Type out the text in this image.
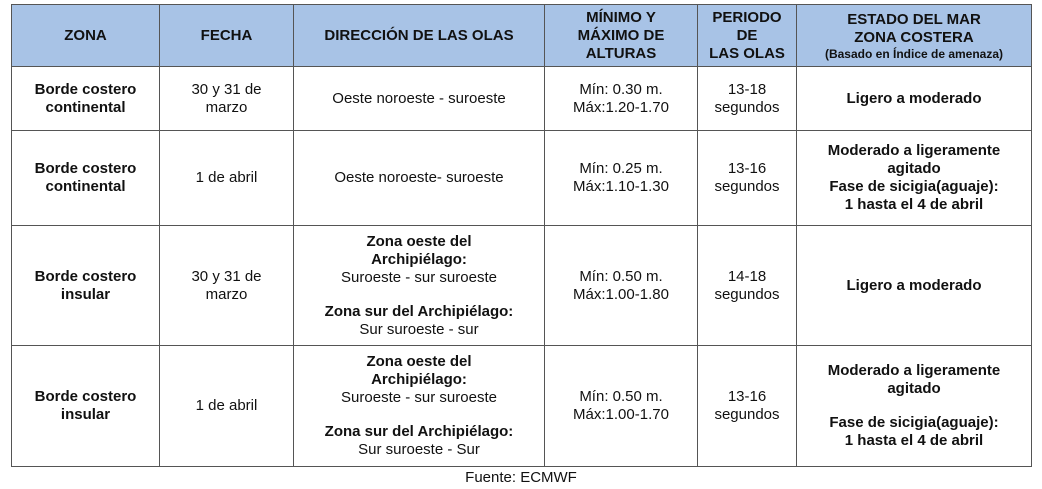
ZONA	FECHA	DIRECCIÓN DE LAS OLAS	MÍNIMO Y
MÁXIMO DE
ALTURAS	PERIODO DE
LAS OLAS	ESTADO DEL MAR
ZONA COSTERA
(Basado en Índice de amenaza)

Borde costero
continental	30 y 31 de
marzo	Oeste noroeste - suroeste	Mín: 0.30 m.
Máx:1.20-1.70	13-18
segundos	Ligero a moderado

Borde costero
continental	1 de abril	Oeste noroeste- suroeste	Mín: 0.25 m.
Máx:1.10-1.30	13-16
segundos	Moderado a ligeramente
agitado
Fase de sicigia(aguaje):
1 hasta el 4 de abril

Borde costero
insular	30 y 31 de
marzo	Zona oeste del
Archipiélago:
Suroeste - sur suroeste
Zona sur del Archipiélago:
Sur suroeste - sur	Mín: 0.50 m.
Máx:1.00-1.80	14-18
segundos	Ligero a moderado

Borde costero
insular	1 de abril	Zona oeste del
Archipiélago:
Suroeste - sur suroeste
Zona sur del Archipiélago:
Sur suroeste - Sur	Mín: 0.50 m.
Máx:1.00-1.70	13-16
segundos	Moderado a ligeramente
agitado
Fase de sicigia(aguaje):
1 hasta el 4 de abril
Fuente: ECMWF
